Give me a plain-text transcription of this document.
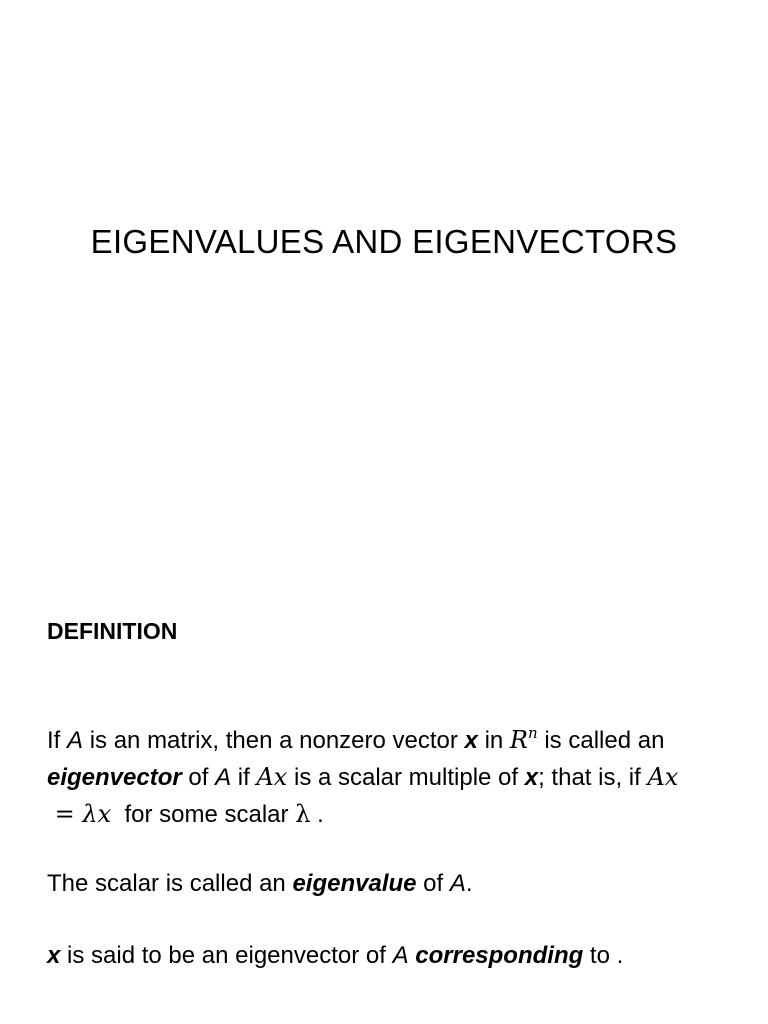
EIGENVALUES AND EIGENVECTORS
DEFINITION
If A is an matrix, then a nonzero vector x in $R^n$ is called an eigenvector of A if Ax is a scalar multiple of x; that is, if Ax = λx  for some scalar λ .
The scalar is called an eigenvalue of A.
x is said to be an eigenvector of A corresponding to .
